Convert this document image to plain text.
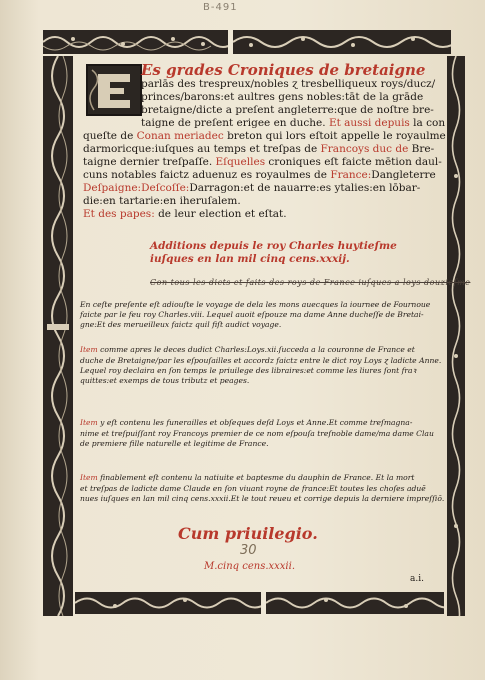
B-491
Es grades Croniques de bretaigne
parlās des trespreux/nobles ɀ tresbelliqueux roys/ducz/
princes/barons:et aultres gens nobles:tāt de la grāde
bretaigne/dicte a preſent angleterre:que de noſtre bre-
taigne de preſent erigee en duche. Et aussi depuis la con
queſte de Conan meriadec breton qui lors eſtoit appelle le royaulme
darmoricque:iuſques au temps et treſpas de Francoys duc de Bre-
taigne dernier treſpaſſe. Eſquelles croniques eſt faicte mētion daul-
cuns notables faictz aduenuz es royaulmes de France:Dangleterre
Deſpaigne:Deſcoſſe:Darragon:et de nauarre:es ytalies:en lōbar-
die:en tartarie:en iheruſalem.
Et des papes: de leur election et eſtat.
Additions depuis le roy Charles huytieſme
iuſques en lan mil cinq cens.xxxij.
Con tous les dicts et faits des roys de France iuſques a loys douzieſme
En ceſte preſente eſt adiouſte le voyage de dela les mons auecques la iournee de Fournoue
faicte par le feu roy Charles.viii. Lequel auoit eſpouze ma dame Anne ducheſſe de Bretai-
gne:Et des merueilleux faictz quil fiſt audict voyage.
Item comme apres le deces dudict Charles:Loys.xii.ſucceda a la couronne de France et
duche de Bretaigne/par les eſpouſailles et accordz faictz entre le dict roy Loys ɀ ladicte Anne.
Lequel roy declaira en ſon temps le priuilege des libraires:et comme les liures ſont fraꝛ
quittes:et exemps de tous tributz et peages.
Item y eſt contenu les funerailles et obſeques deſd Loys et Anne.Et comme treſmagna-
nime et treſpuiſſant roy Francoys premier de ce nom eſpouſa treſnoble dame/ma dame Clau
de premiere fille naturelle et legitime de France.
Item finablement eſt contenu la natiuite et baptesme du dauphin de France. Et la mort
et treſpas de ladicte dame Claude en ſon viuant royne de france:Et toutes les choſes aduĕ
nues iuſques en lan mil cinq cens.xxxii.Et le tout reueu et corrige depuis la derniere impreſſiō.
Cum priuilegio.
30
M.cinq cens.xxxii.
a.i.
